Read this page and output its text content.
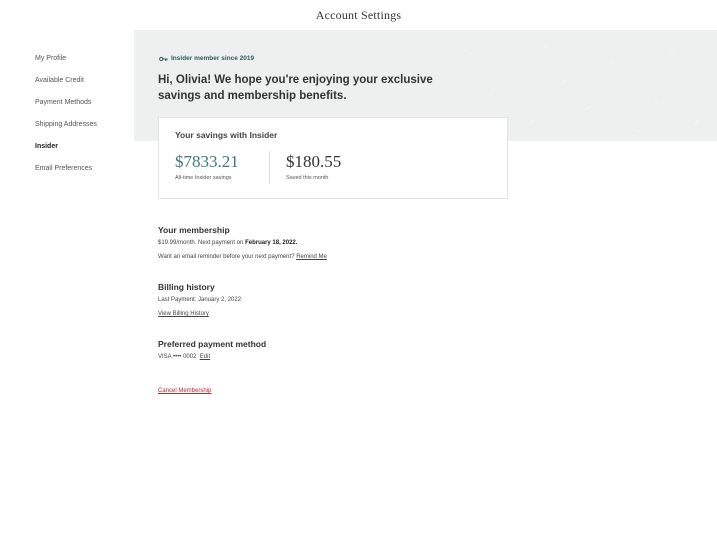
Account Settings
My Profile
Available Credit
Payment Methods
Shipping Addresses
Insider
Email Preferences
Insider member since 2019
Hi, Olivia! We hope you're enjoying your exclusive savings and membership benefits.
Your savings with Insider
$7833.21
All-time Insider savings
$180.55
Saved this month
Your membership
$19.99/month. Next payment on February 18, 2022.
Want an email reminder before your next payment? Remind Me
Billing history
Last Payment: January 2, 2022
View Billing History
Preferred payment method
VISA •••• 0002 Edit
Cancel Membership
